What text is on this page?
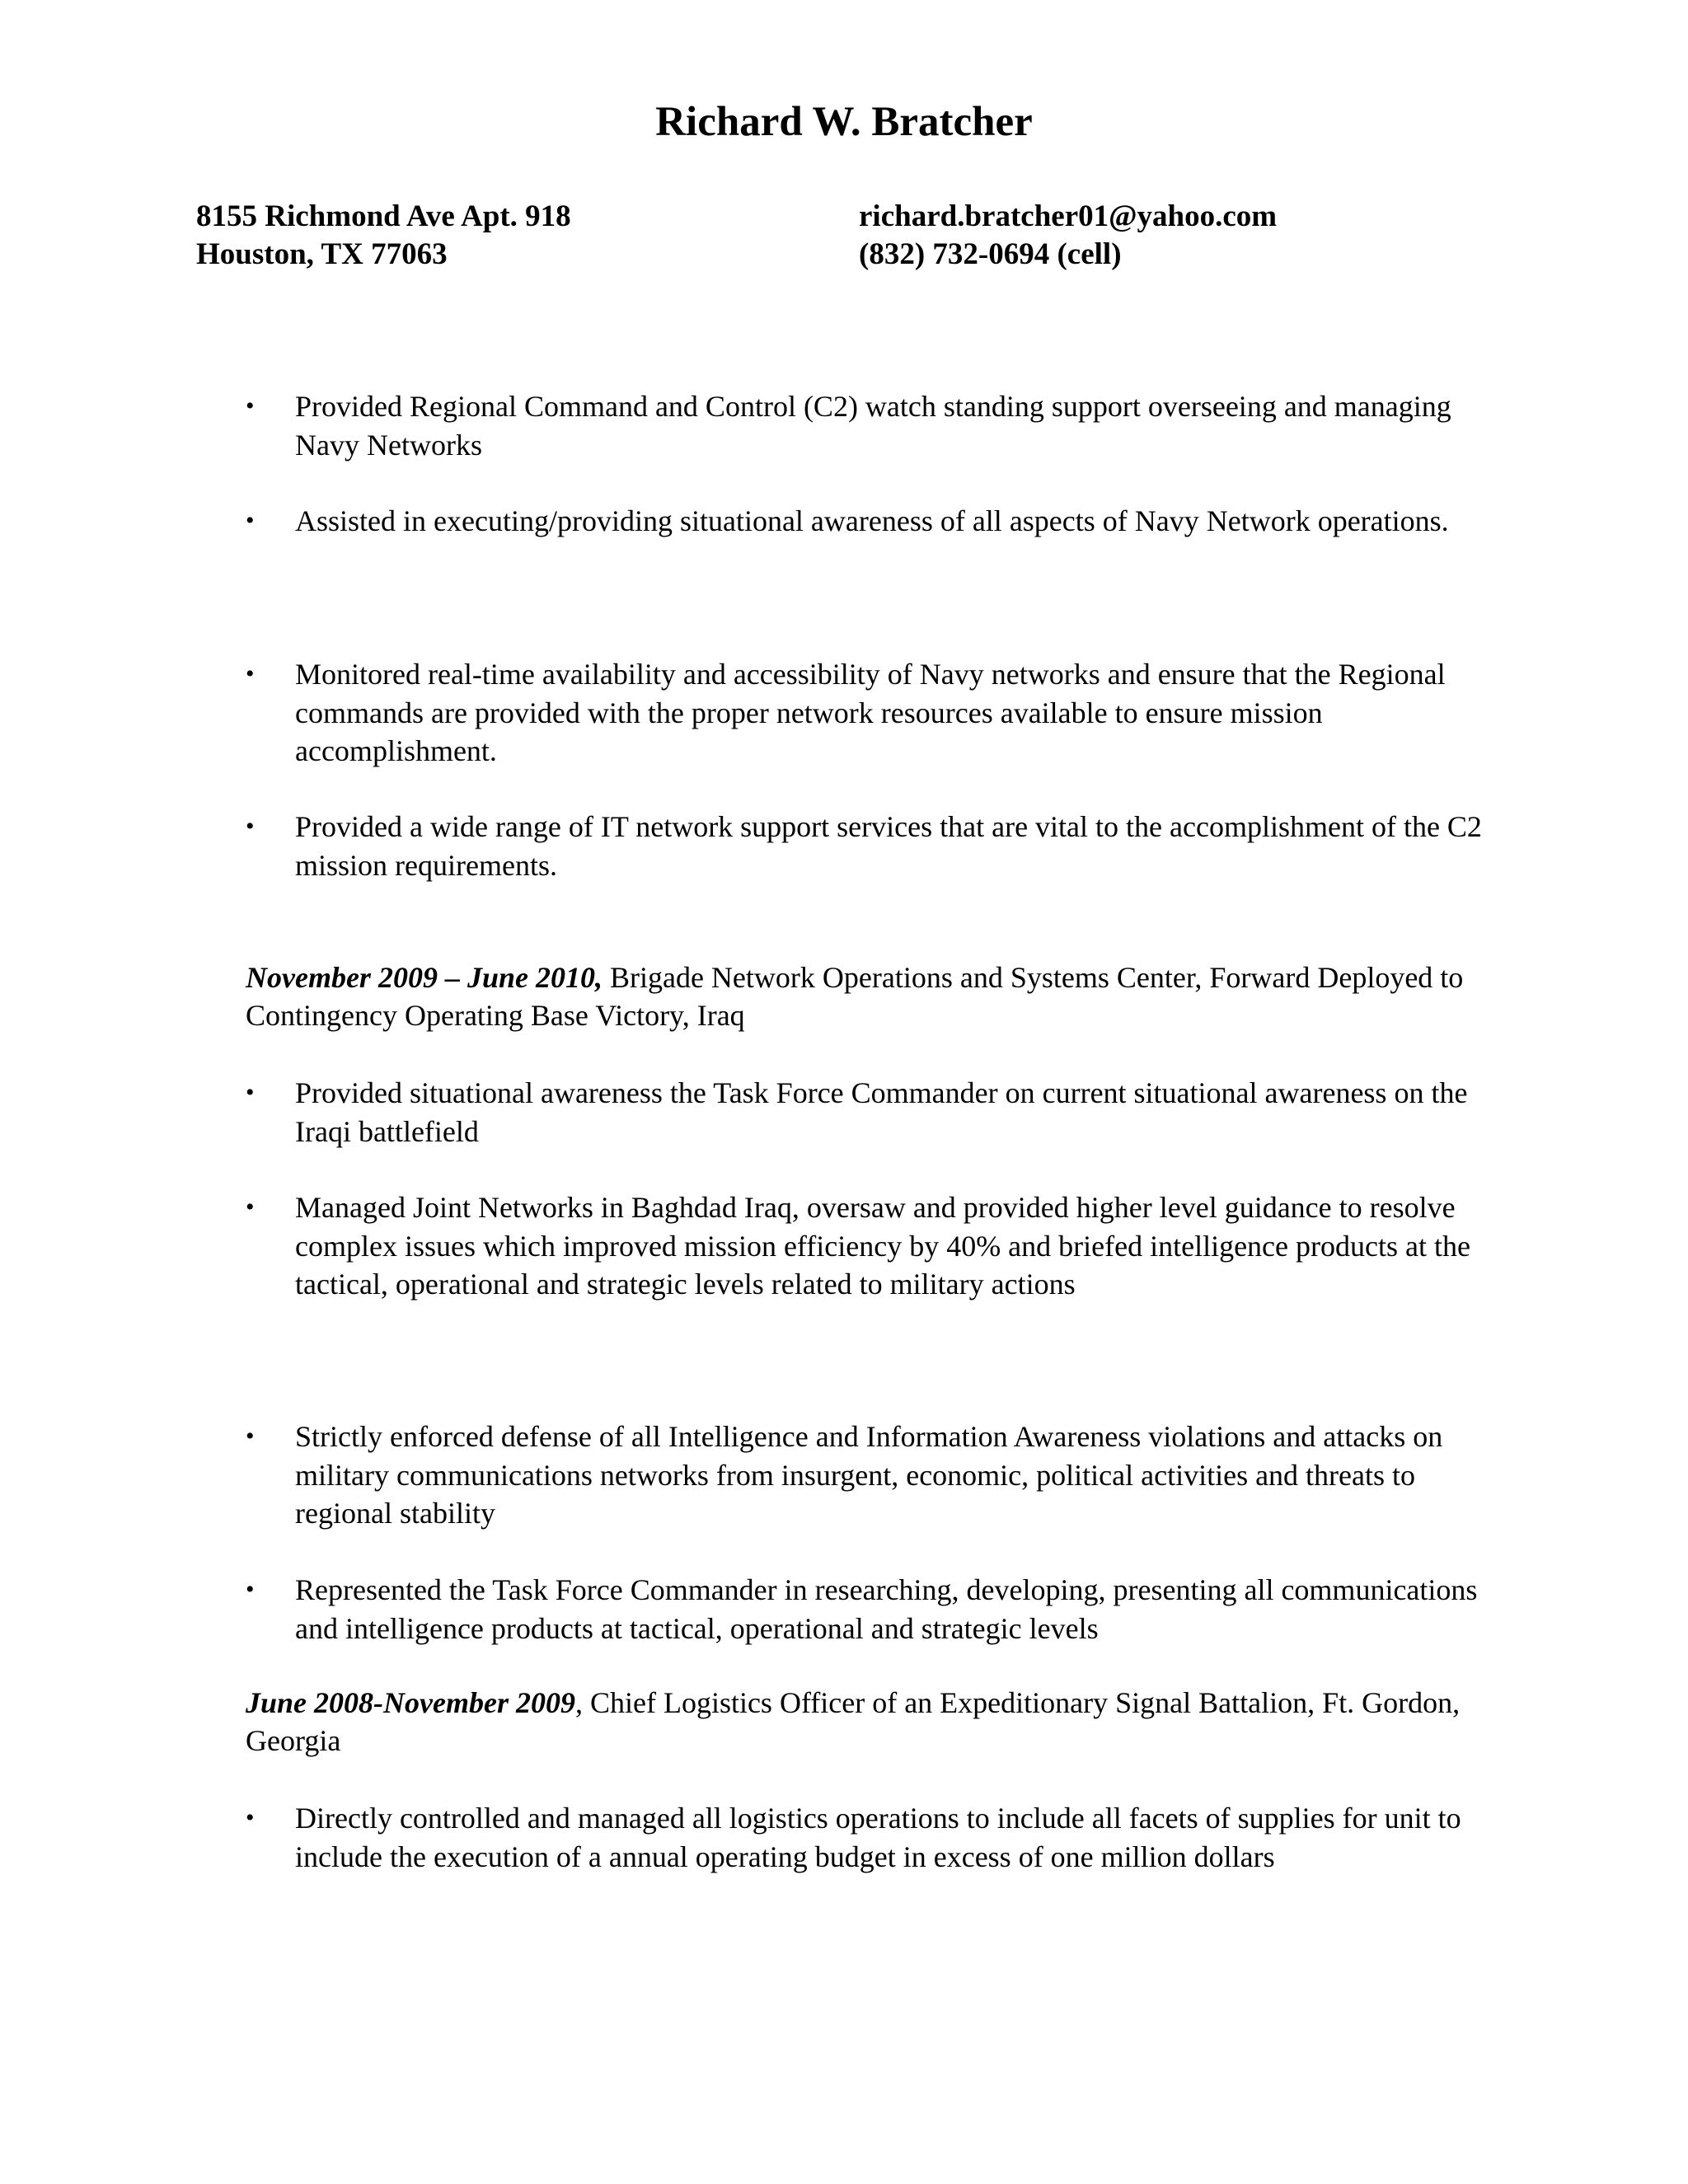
Richard W. Bratcher
8155 Richmond Ave Apt. 918
Houston, TX 77063
richard.bratcher01@yahoo.com
(832) 732-0694 (cell)
•	Provided Regional Command and Control (C2) watch standing support overseeing and managing Navy Networks
•	Assisted in executing/providing situational awareness of all aspects of Navy Network operations.
•	Monitored real-time availability and accessibility of Navy networks and ensure that the Regional commands are provided with the proper network resources available to ensure mission accomplishment.
•	Provided a wide range of IT network support services that are vital to the accomplishment of the C2 mission requirements.
November 2009 – June 2010, Brigade Network Operations and Systems Center, Forward Deployed to Contingency Operating Base Victory, Iraq
•	Provided situational awareness the Task Force Commander on current situational awareness on the Iraqi battlefield
•	Managed Joint Networks in Baghdad Iraq, oversaw and provided higher level guidance to resolve complex issues which improved mission efficiency by 40% and briefed intelligence products at the tactical, operational and strategic levels related to military actions
•	Strictly enforced defense of all Intelligence and Information Awareness violations and attacks on military communications networks from insurgent, economic, political activities and threats to regional stability
•	Represented the Task Force Commander in researching, developing, presenting all communications and intelligence products at tactical, operational and strategic levels
June 2008-November 2009, Chief Logistics Officer of an Expeditionary Signal Battalion, Ft. Gordon, Georgia
•	Directly controlled and managed all logistics operations to include all facets of supplies for unit to include the execution of a annual operating budget in excess of one million dollars
